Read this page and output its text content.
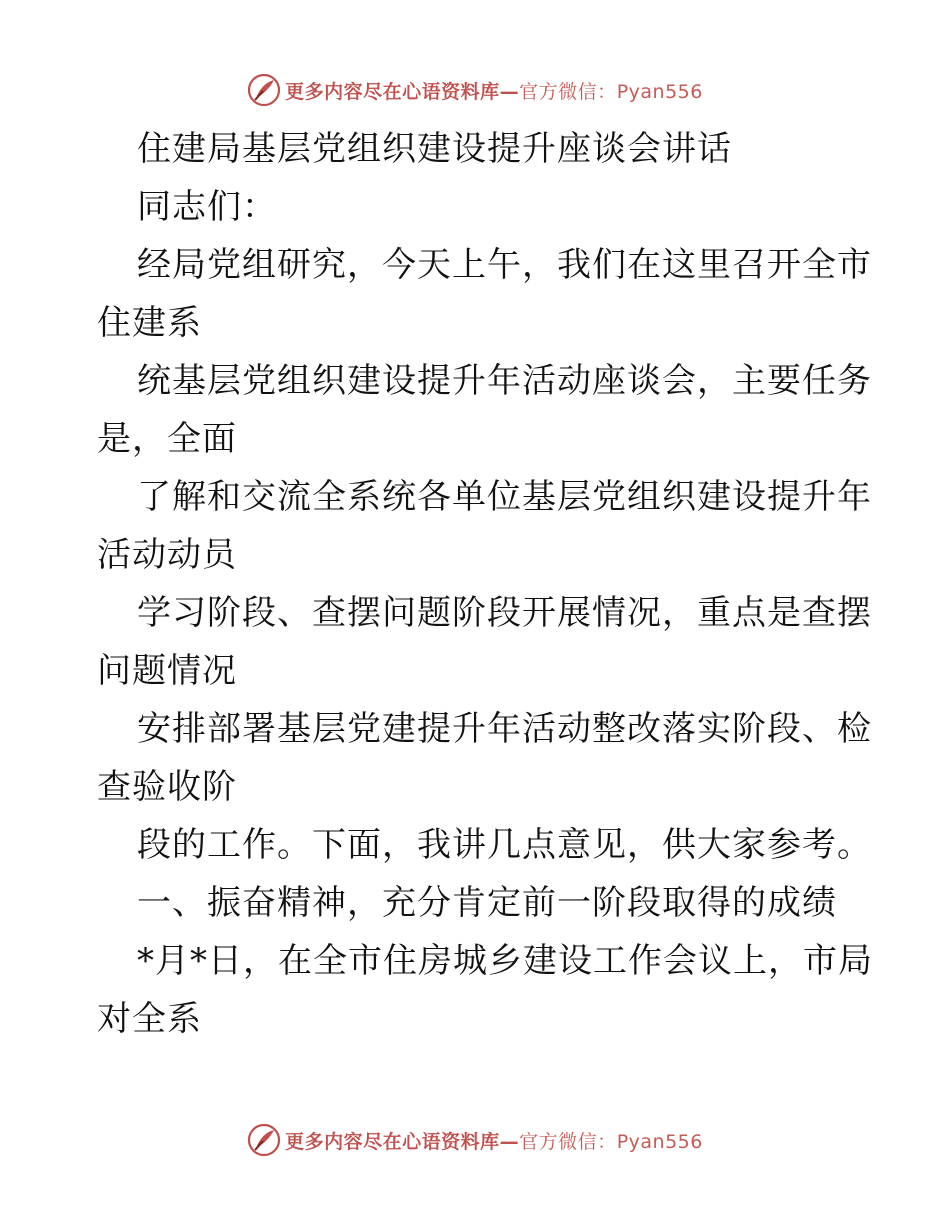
更多内容尽在心语资料库—官方微信：Pyan556
住建局基层党组织建设提升座谈会讲话
同志们：
经局党组研究，今天上午，我们在这里召开全市
住建系
统基层党组织建设提升年活动座谈会，主要任务
是，全面
了解和交流全系统各单位基层党组织建设提升年
活动动员
学习阶段、查摆问题阶段开展情况，重点是查摆
问题情况
安排部署基层党建提升年活动整改落实阶段、检
查验收阶
段的工作。下面，我讲几点意见，供大家参考。
一、振奋精神，充分肯定前一阶段取得的成绩
*月*日，在全市住房城乡建设工作会议上，市局
对全系
更多内容尽在心语资料库—官方微信：Pyan556
